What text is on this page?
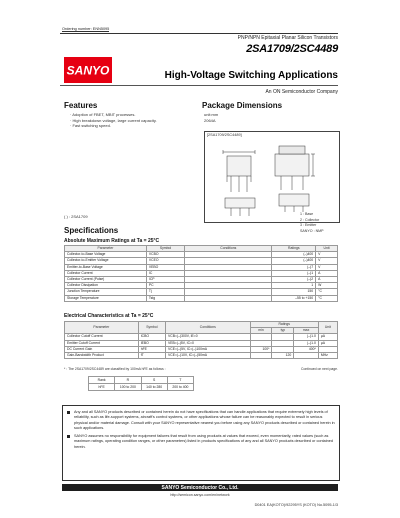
Ordering number: ENN5095
PNP/NPN Epitaxial Planar Silicon Transistors
2SA1709/2SC4489
SANYO	High-Voltage Switching Applications
An ON Semiconductor Company
Features
· Adoption of FBET, MBIT processes.
· High breakdown voltage, large current capacity.
· Fast switching speed.
Package Dimensions
unit:mm
2064A
[2SA1709/2SC4489]
1 : Base
2 : Collector
3 : Emitter
SANYO : NMP
( ) : 2SA1709
Specifications
Absolute Maximum Ratings at Ta = 25°C
Parameter	Symbol	Conditions	Ratings	Unit
Collector-to-Base Voltage	VCBO		(–)400	V
Collector-to-Emitter Voltage	VCEO		(–)400	V
Emitter-to-Base Voltage	VEBO		(–)7	V
Collector Current	IC		(–)1	A
Collector Current (Pulse)	ICP		(–)2	A
Collector Dissipation	PC		1	W
Junction Temperature	Tj		150	°C
Storage Temperature	Tstg		–55 to +150	°C
Electrical Characteristics at Ta = 25°C
Parameter	Symbol	Conditions	Ratings			Unit
			min	typ	max	
Collector Cutoff Current	ICBO	VCB=(–)300V, IE=0			(–)1.0	μA
Emitter Cutoff Current	IEBO	VEB=(–)5V, IC=0			(–)1.0	μA
DC Current Gain	hFE	VCE=(–)5V, IC=(–)100mA	100*		400*	
Gain-Bandwidth Product	fT	VCE=(–)10V, IC=(–)50mA		120		MHz
* : The 2SA1709/2SC4489 are classified by 100mA hFE as follows :	Continued on next page.
Rank	R	S	T
hFE	100 to 200	140 to 280	200 to 400
Any and all SANYO products described or contained herein do not have specifications that can handle applications that require extremely high levels of reliability, such as life-support systems, aircraft's control systems, or other applications whose failure can be reasonably expected to result in serious physical and/or material damage. Consult with your SANYO representative nearest you before using any SANYO products described or contained herein in such applications.
SANYO assumes no responsibility for equipment failures that result from using products at values that exceed, even momentarily, rated values (such as maximum ratings, operating condition ranges, or other parameters) listed in products specifications of any and all SANYO products described or contained herein.
SANYO Semiconductor Co., Ltd.
http://semicon.sanyo.com/en/network
D0401 EA(KOTO)/92295YS (KOTO) No.5095-1/3
